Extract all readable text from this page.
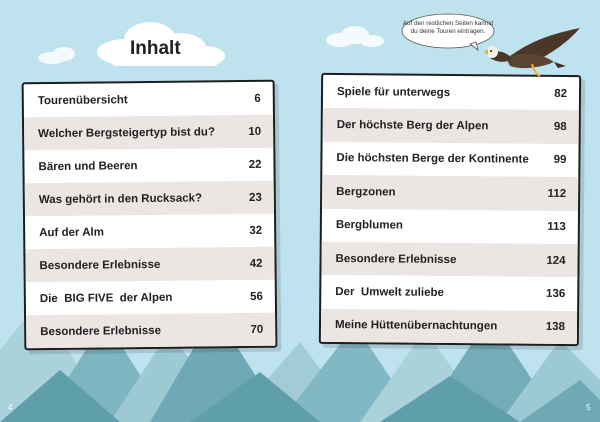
Inhalt
Auf den restlichen Seiten kannst du deine Touren eintragen.
Tourenübersicht	6
Welcher Bergsteigertyp bist du?	10
Bären und Beeren	22
Was gehört in den Rucksack?	23
Auf der Alm	32
Besondere Erlebnisse	42
Die  BIG FIVE  der Alpen	56
Besondere Erlebnisse	70
Spiele für unterwegs	82
Der höchste Berg der Alpen	98
Die höchsten Berge der Kontinente 99
Bergzonen	112
Bergblumen	113
Besondere Erlebnisse	124
Der  Umwelt zuliebe	136
Meine Hüttenübernachtungen	138
4	5
